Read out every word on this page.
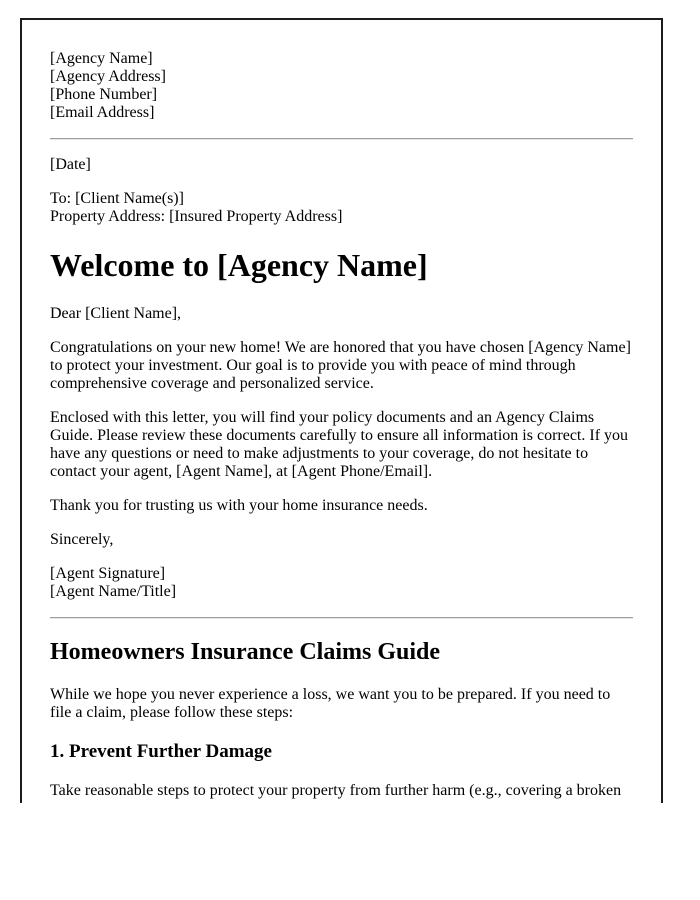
[Agency Name]
[Agency Address]
[Phone Number]
[Email Address]

[Date]

To: [Client Name(s)]
Property Address: [Insured Property Address]

Welcome to [Agency Name]

Dear [Client Name],

Congratulations on your new home! We are honored that you have chosen [Agency Name] to protect your investment. Our goal is to provide you with peace of mind through comprehensive coverage and personalized service.

Enclosed with this letter, you will find your policy documents and an Agency Claims Guide. Please review these documents carefully to ensure all information is correct. If you have any questions or need to make adjustments to your coverage, do not hesitate to contact your agent, [Agent Name], at [Agent Phone/Email].

Thank you for trusting us with your home insurance needs.

Sincerely,

[Agent Signature]
[Agent Name/Title]

Homeowners Insurance Claims Guide

While we hope you never experience a loss, we want you to be prepared. If you need to file a claim, please follow these steps:

1. Prevent Further Damage

Take reasonable steps to protect your property from further harm (e.g., covering a broken
